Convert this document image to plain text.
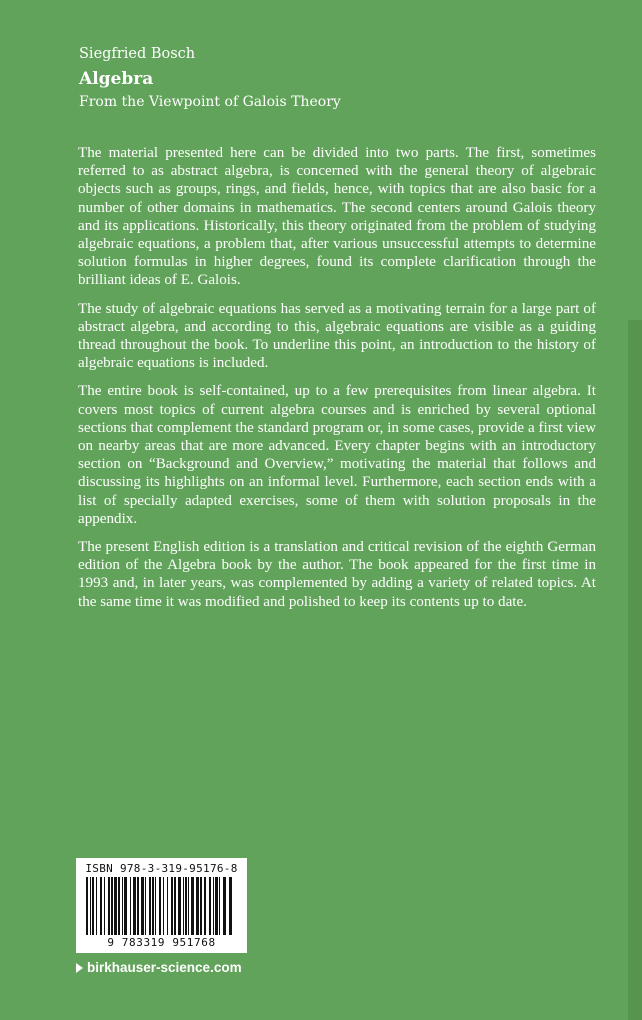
Siegfried Bosch
Algebra
From the Viewpoint of Galois Theory

The material presented here can be divided into two parts. The first, sometimes referred to as abstract algebra, is concerned with the general theory of algebraic objects such as groups, rings, and fields, hence, with topics that are also basic for a number of other domains in mathematics. The second centers around Galois theory and its applications. Historically, this theory originated from the problem of studying algebraic equations, a problem that, after various unsuccessful attempts to determine solution formulas in higher degrees, found its complete clarification through the brilliant ideas of E. Galois.

The study of algebraic equations has served as a motivating terrain for a large part of abstract algebra, and according to this, algebraic equations are visible as a guiding thread throughout the book. To underline this point, an introduction to the history of algebraic equations is included.

The entire book is self-contained, up to a few prerequisites from linear algebra. It covers most topics of current algebra courses and is enriched by several optional sections that complement the standard program or, in some cases, provide a first view on nearby areas that are more advanced. Every chapter begins with an introductory section on “Background and Overview,” motivating the material that follows and discussing its highlights on an informal level. Furthermore, each section ends with a list of specially adapted exercises, some of them with solution proposals in the appendix.

The present English edition is a translation and critical revision of the eighth German edition of the Algebra book by the author. The book appeared for the first time in 1993 and, in later years, was complemented by adding a variety of related topics. At the same time it was modified and polished to keep its contents up to date.

ISBN 978-3-319-95176-8
9 783319 951768
birkhauser-science.com
